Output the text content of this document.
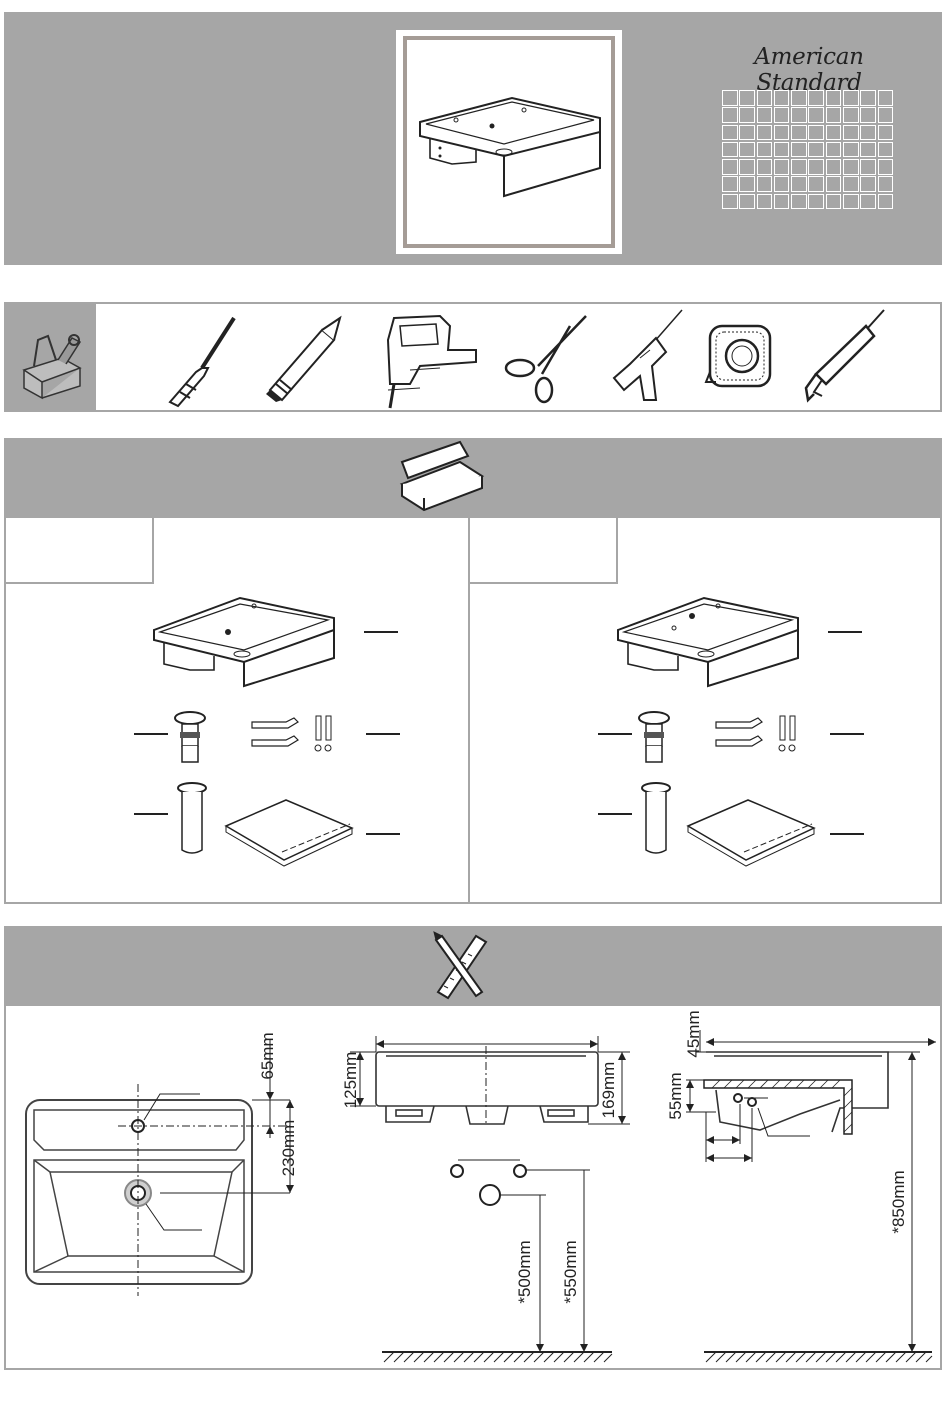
American Standard
65mm
230mm
125mm	169mm
*500mm *550mm
45mm
55mm
*850mm
